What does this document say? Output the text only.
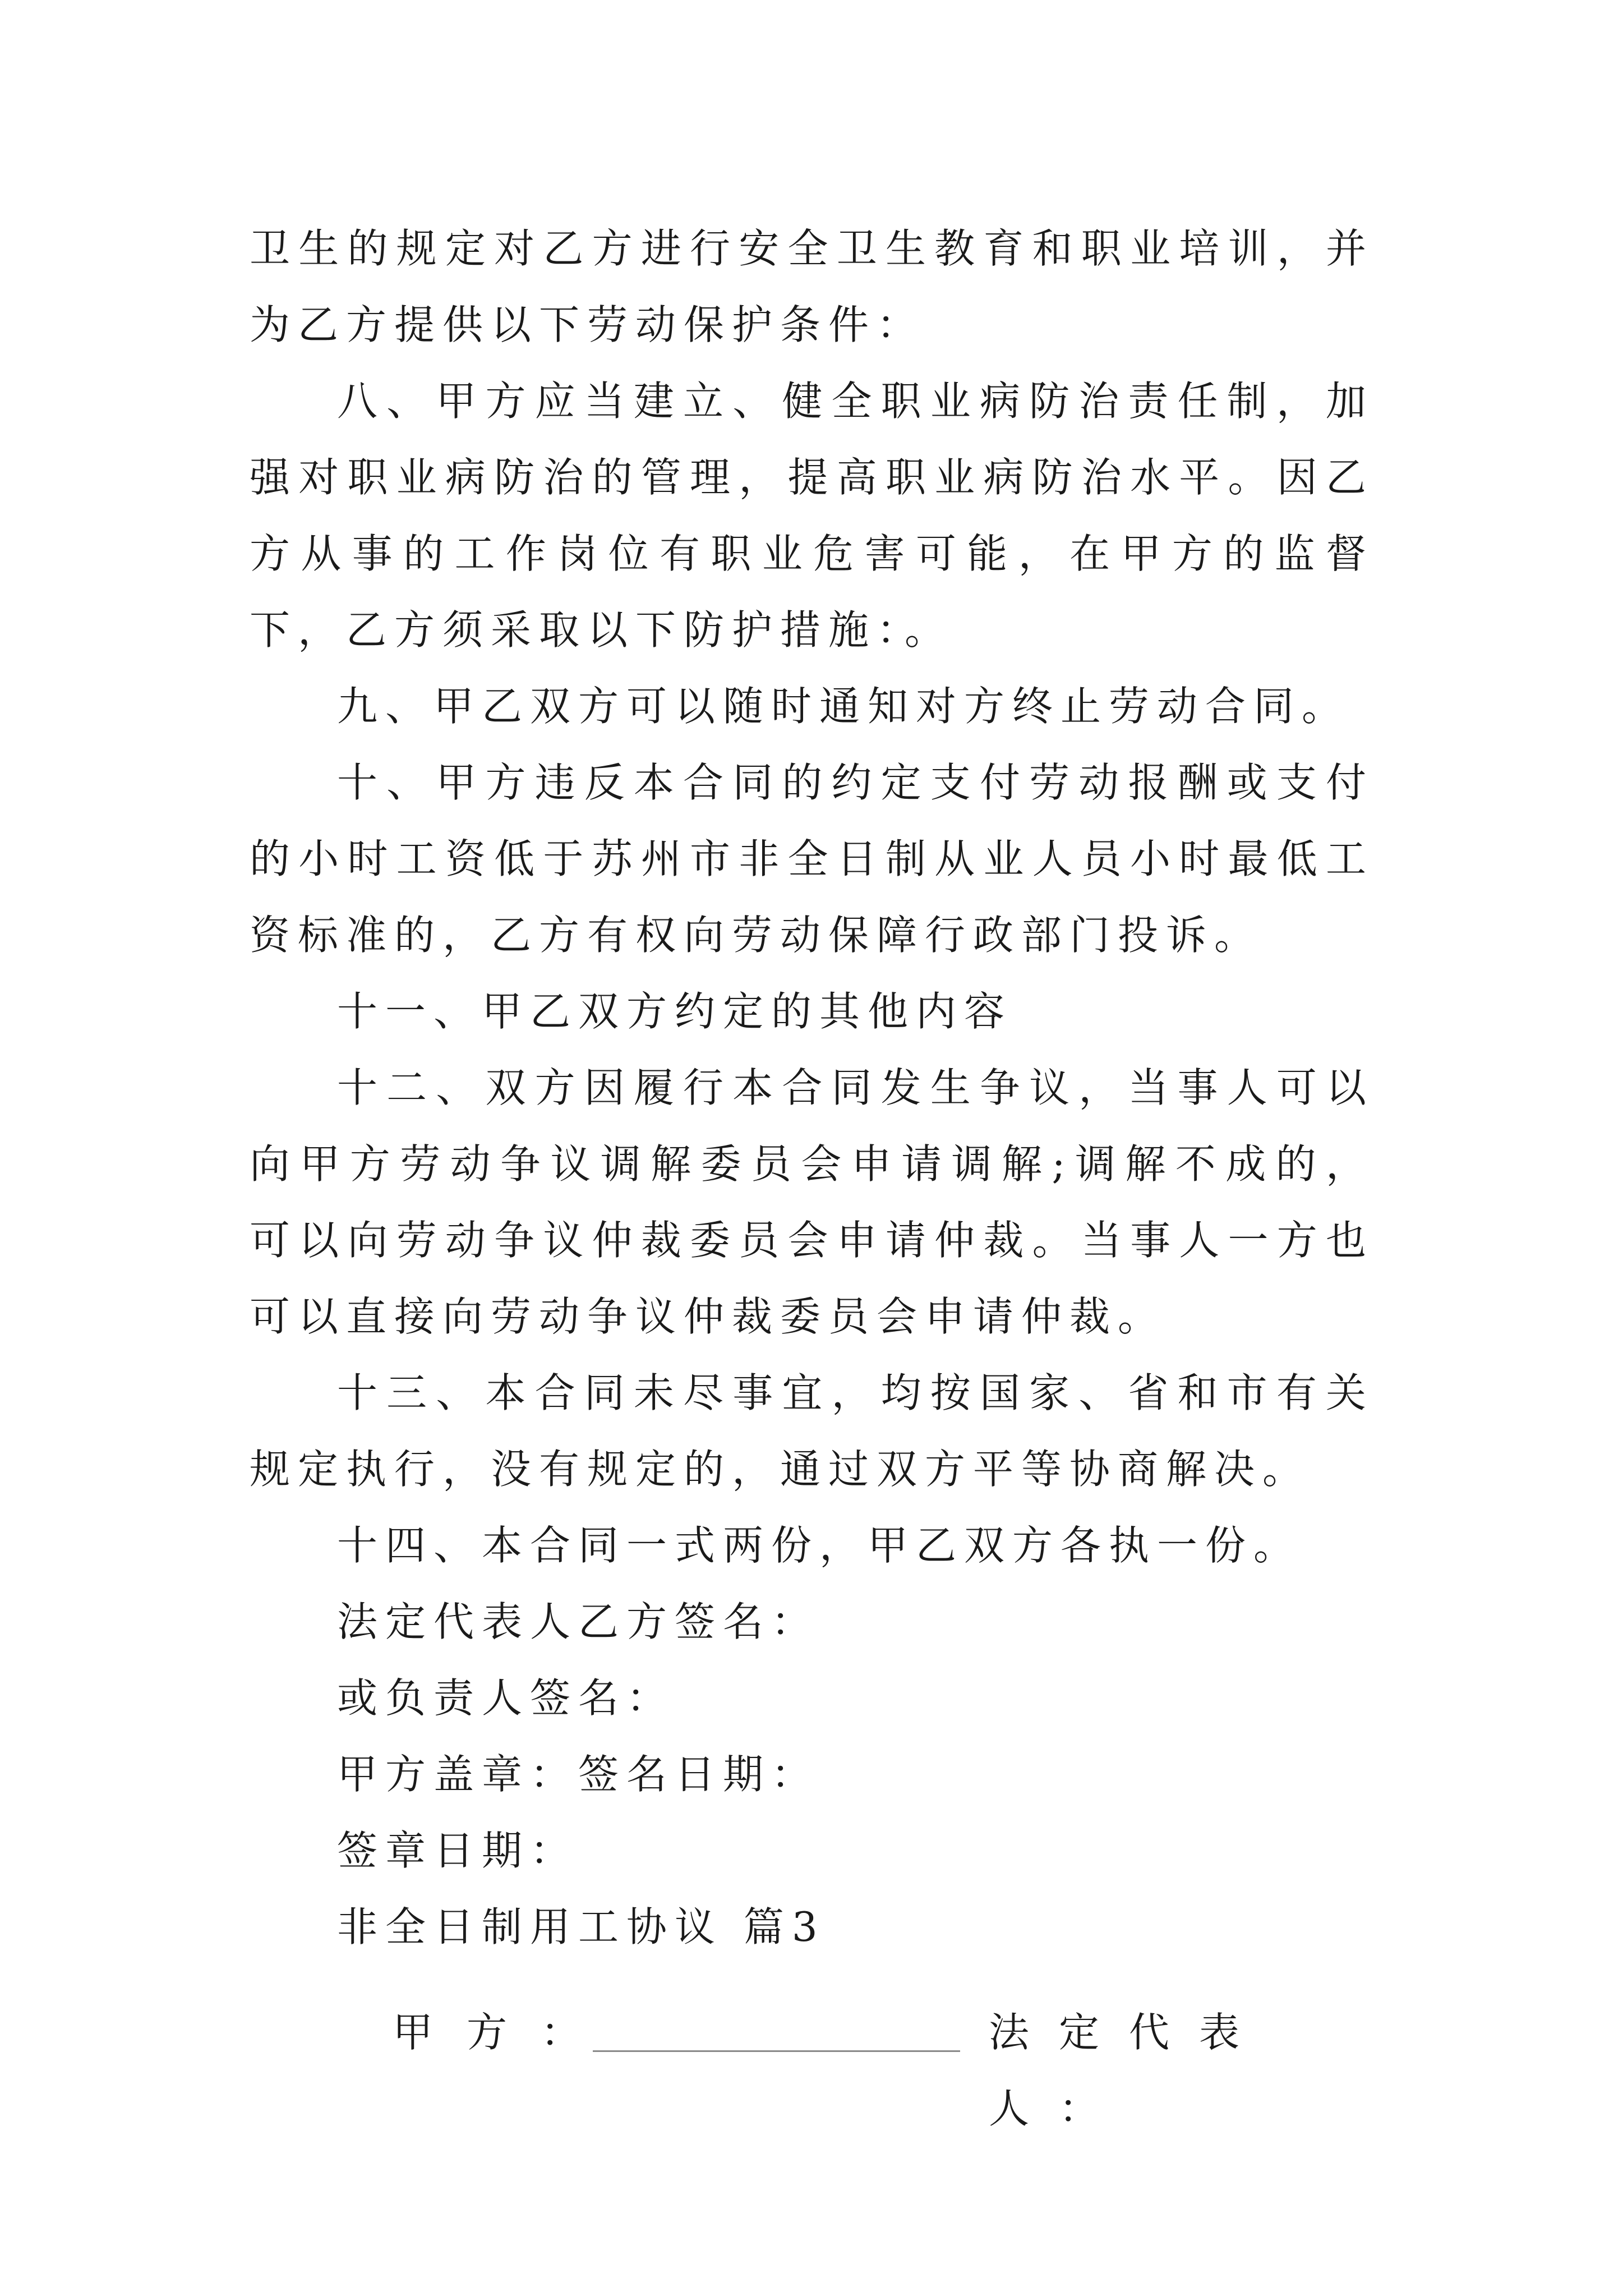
卫生的规定对乙方进行安全卫生教育和职业培训，并为乙方提供以下劳动保护条件：

八、甲方应当建立、健全职业病防治责任制，加强对职业病防治的管理，提高职业病防治水平。因乙方从事的工作岗位有职业危害可能，在甲方的监督下，乙方须采取以下防护措施：。

九、甲乙双方可以随时通知对方终止劳动合同。

十、甲方违反本合同的约定支付劳动报酬或支付的小时工资低于苏州市非全日制从业人员小时最低工资标准的，乙方有权向劳动保障行政部门投诉。

十一、甲乙双方约定的其他内容

十二、双方因履行本合同发生争议，当事人可以向甲方劳动争议调解委员会申请调解;调解不成的，可以向劳动争议仲裁委员会申请仲裁。当事人一方也可以直接向劳动争议仲裁委员会申请仲裁。

十三、本合同未尽事宜，均按国家、省和市有关规定执行，没有规定的，通过双方平等协商解决。

十四、本合同一式两份，甲乙双方各执一份。

法定代表人乙方签名：

或负责人签名：

甲方盖章：签名日期：

签章日期：

非全日制用工协议 篇3

甲方：	法定代表人：
